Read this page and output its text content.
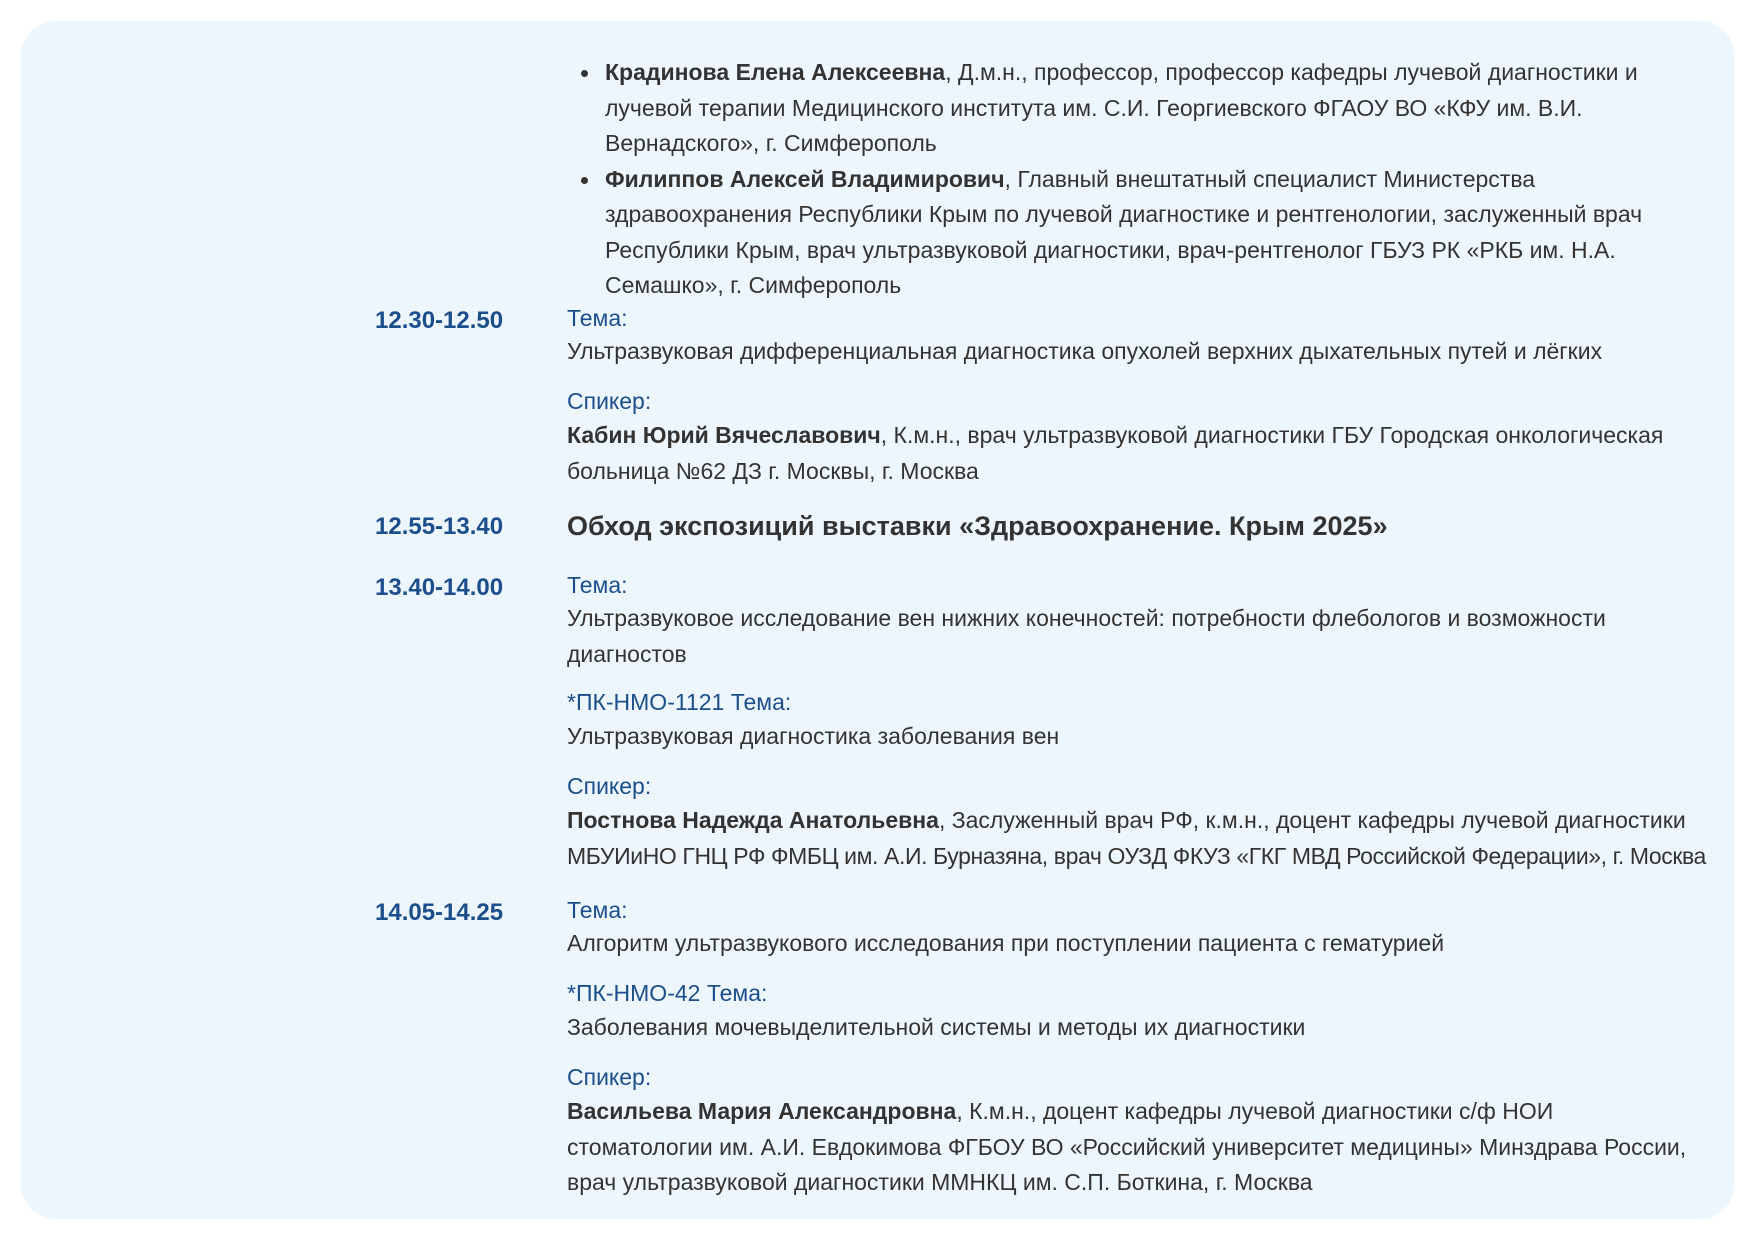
Крадинова Елена Алексеевна, Д.м.н., профессор, профессор кафедры лучевой диагностики и лучевой терапии Медицинского института им. С.И. Георгиевского ФГАОУ ВО «КФУ им. В.И. Вернадского», г. Симферополь
Филиппов Алексей Владимирович, Главный внештатный специалист Министерства здравоохранения Республики Крым по лучевой диагностике и рентгенологии, заслуженный врач Республики Крым, врач ультразвуковой диагностики, врач-рентгенолог ГБУЗ РК «РКБ им. Н.А. Семашко», г. Симферополь
12.30-12.50	Тема:
Ультразвуковая дифференциальная диагностика опухолей верхних дыхательных путей и лёгких
Спикер:
Кабин Юрий Вячеславович, К.м.н., врач ультразвуковой диагностики ГБУ Городская онкологическая больница №62 ДЗ г. Москвы, г. Москва
12.55-13.40 Обход экспозиций выставки «Здравоохранение. Крым 2025»
13.40-14.00	Тема:
Ультразвуковое исследование вен нижних конечностей: потребности флебологов и возможности диагностов
*ПК-НМО-1121 Тема:
Ультразвуковая диагностика заболевания вен
Спикер:
Постнова Надежда Анатольевна, Заслуженный врач РФ, к.м.н., доцент кафедры лучевой диагностики
МБУИиНО ГНЦ РФ ФМБЦ им. А.И. Бурназяна, врач ОУЗД ФКУЗ «ГКГ МВД Российской Федерации», г. Москва
14.05-14.25	Тема:
Алгоритм ультразвукового исследования при поступлении пациента с гематурией
*ПК-НМО-42 Тема:
Заболевания мочевыделительной системы и методы их диагностики
Спикер:
Васильева Мария Александровна, К.м.н., доцент кафедры лучевой диагностики с/ф НОИ стоматологии им. А.И. Евдокимова ФГБОУ ВО «Российский университет медицины» Минздрава России, врач ультразвуковой диагностики ММНКЦ им. С.П. Боткина, г. Москва
